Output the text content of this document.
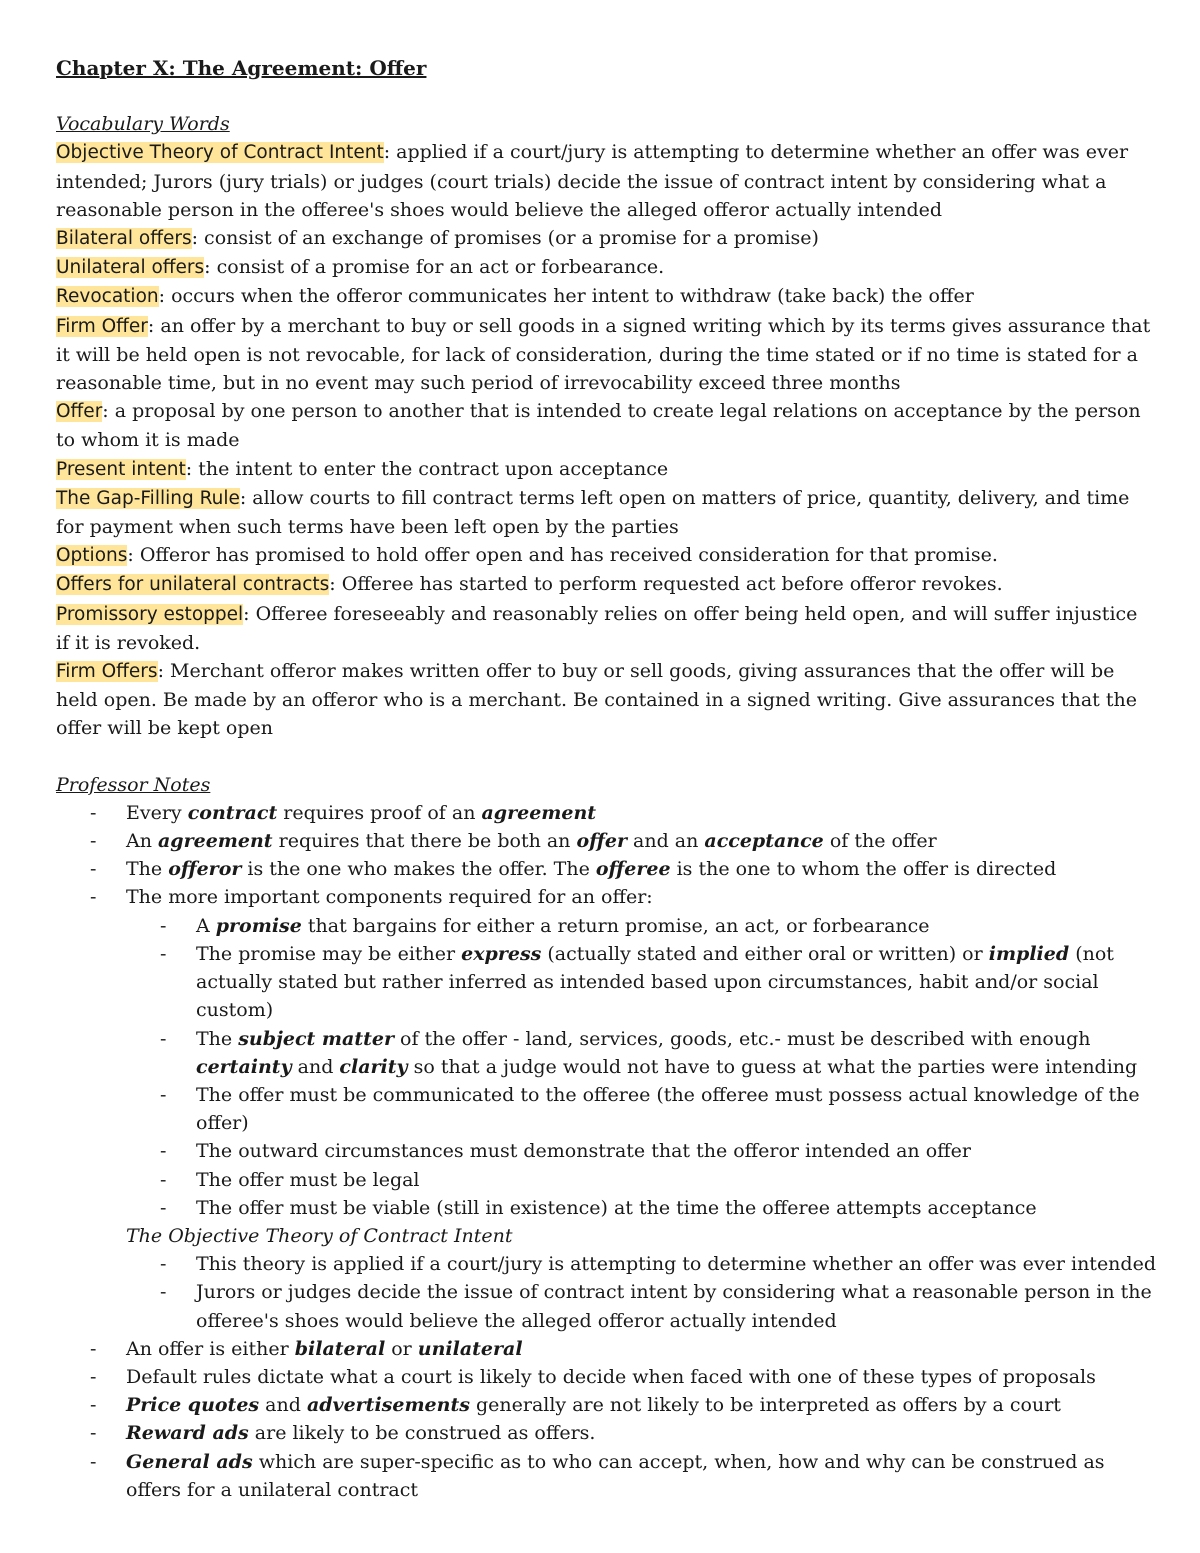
Chapter X: The Agreement: Offer
Vocabulary Words
Objective Theory of Contract Intent: applied if a court/jury is attempting to determine whether an offer was ever intended; Jurors (jury trials) or judges (court trials) decide the issue of contract intent by considering what a reasonable person in the offeree's shoes would believe the alleged offeror actually intended
Bilateral offers: consist of an exchange of promises (or a promise for a promise)
Unilateral offers: consist of a promise for an act or forbearance.
Revocation: occurs when the offeror communicates her intent to withdraw (take back) the offer
Firm Offer: an offer by a merchant to buy or sell goods in a signed writing which by its terms gives assurance that it will be held open is not revocable, for lack of consideration, during the time stated or if no time is stated for a reasonable time, but in no event may such period of irrevocability exceed three months
Offer: a proposal by one person to another that is intended to create legal relations on acceptance by the person to whom it is made
Present intent: the intent to enter the contract upon acceptance
The Gap-Filling Rule: allow courts to fill contract terms left open on matters of price, quantity, delivery, and time for payment when such terms have been left open by the parties
Options: Offeror has promised to hold offer open and has received consideration for that promise.
Offers for unilateral contracts: Offeree has started to perform requested act before offeror revokes.
Promissory estoppel: Offeree foreseeably and reasonably relies on offer being held open, and will suffer injustice if it is revoked.
Firm Offers: Merchant offeror makes written offer to buy or sell goods, giving assurances that the offer will be held open. Be made by an offeror who is a merchant. Be contained in a signed writing. Give assurances that the offer will be kept open
Professor Notes
-	Every contract requires proof of an agreement
-	An agreement requires that there be both an offer and an acceptance of the offer
-	The offeror is the one who makes the offer. The offeree is the one to whom the offer is directed
-	The more important components required for an offer:
-	A promise that bargains for either a return promise, an act, or forbearance
-	The promise may be either express (actually stated and either oral or written) or implied (not actually stated but rather inferred as intended based upon circumstances, habit and/or social custom)
-	The subject matter of the offer - land, services, goods, etc.- must be described with enough certainty and clarity so that a judge would not have to guess at what the parties were intending
-	The offer must be communicated to the offeree (the offeree must possess actual knowledge of the offer)
-	The outward circumstances must demonstrate that the offeror intended an offer
-	The offer must be legal
-	The offer must be viable (still in existence) at the time the offeree attempts acceptance
The Objective Theory of Contract Intent
-	This theory is applied if a court/jury is attempting to determine whether an offer was ever intended
-	Jurors or judges decide the issue of contract intent by considering what a reasonable person in the offeree's shoes would believe the alleged offeror actually intended
-	An offer is either bilateral or unilateral
-	Default rules dictate what a court is likely to decide when faced with one of these types of proposals
-	Price quotes and advertisements generally are not likely to be interpreted as offers by a court
-	Reward ads are likely to be construed as offers.
-	General ads which are super-specific as to who can accept, when, how and why can be construed as offers for a unilateral contract
